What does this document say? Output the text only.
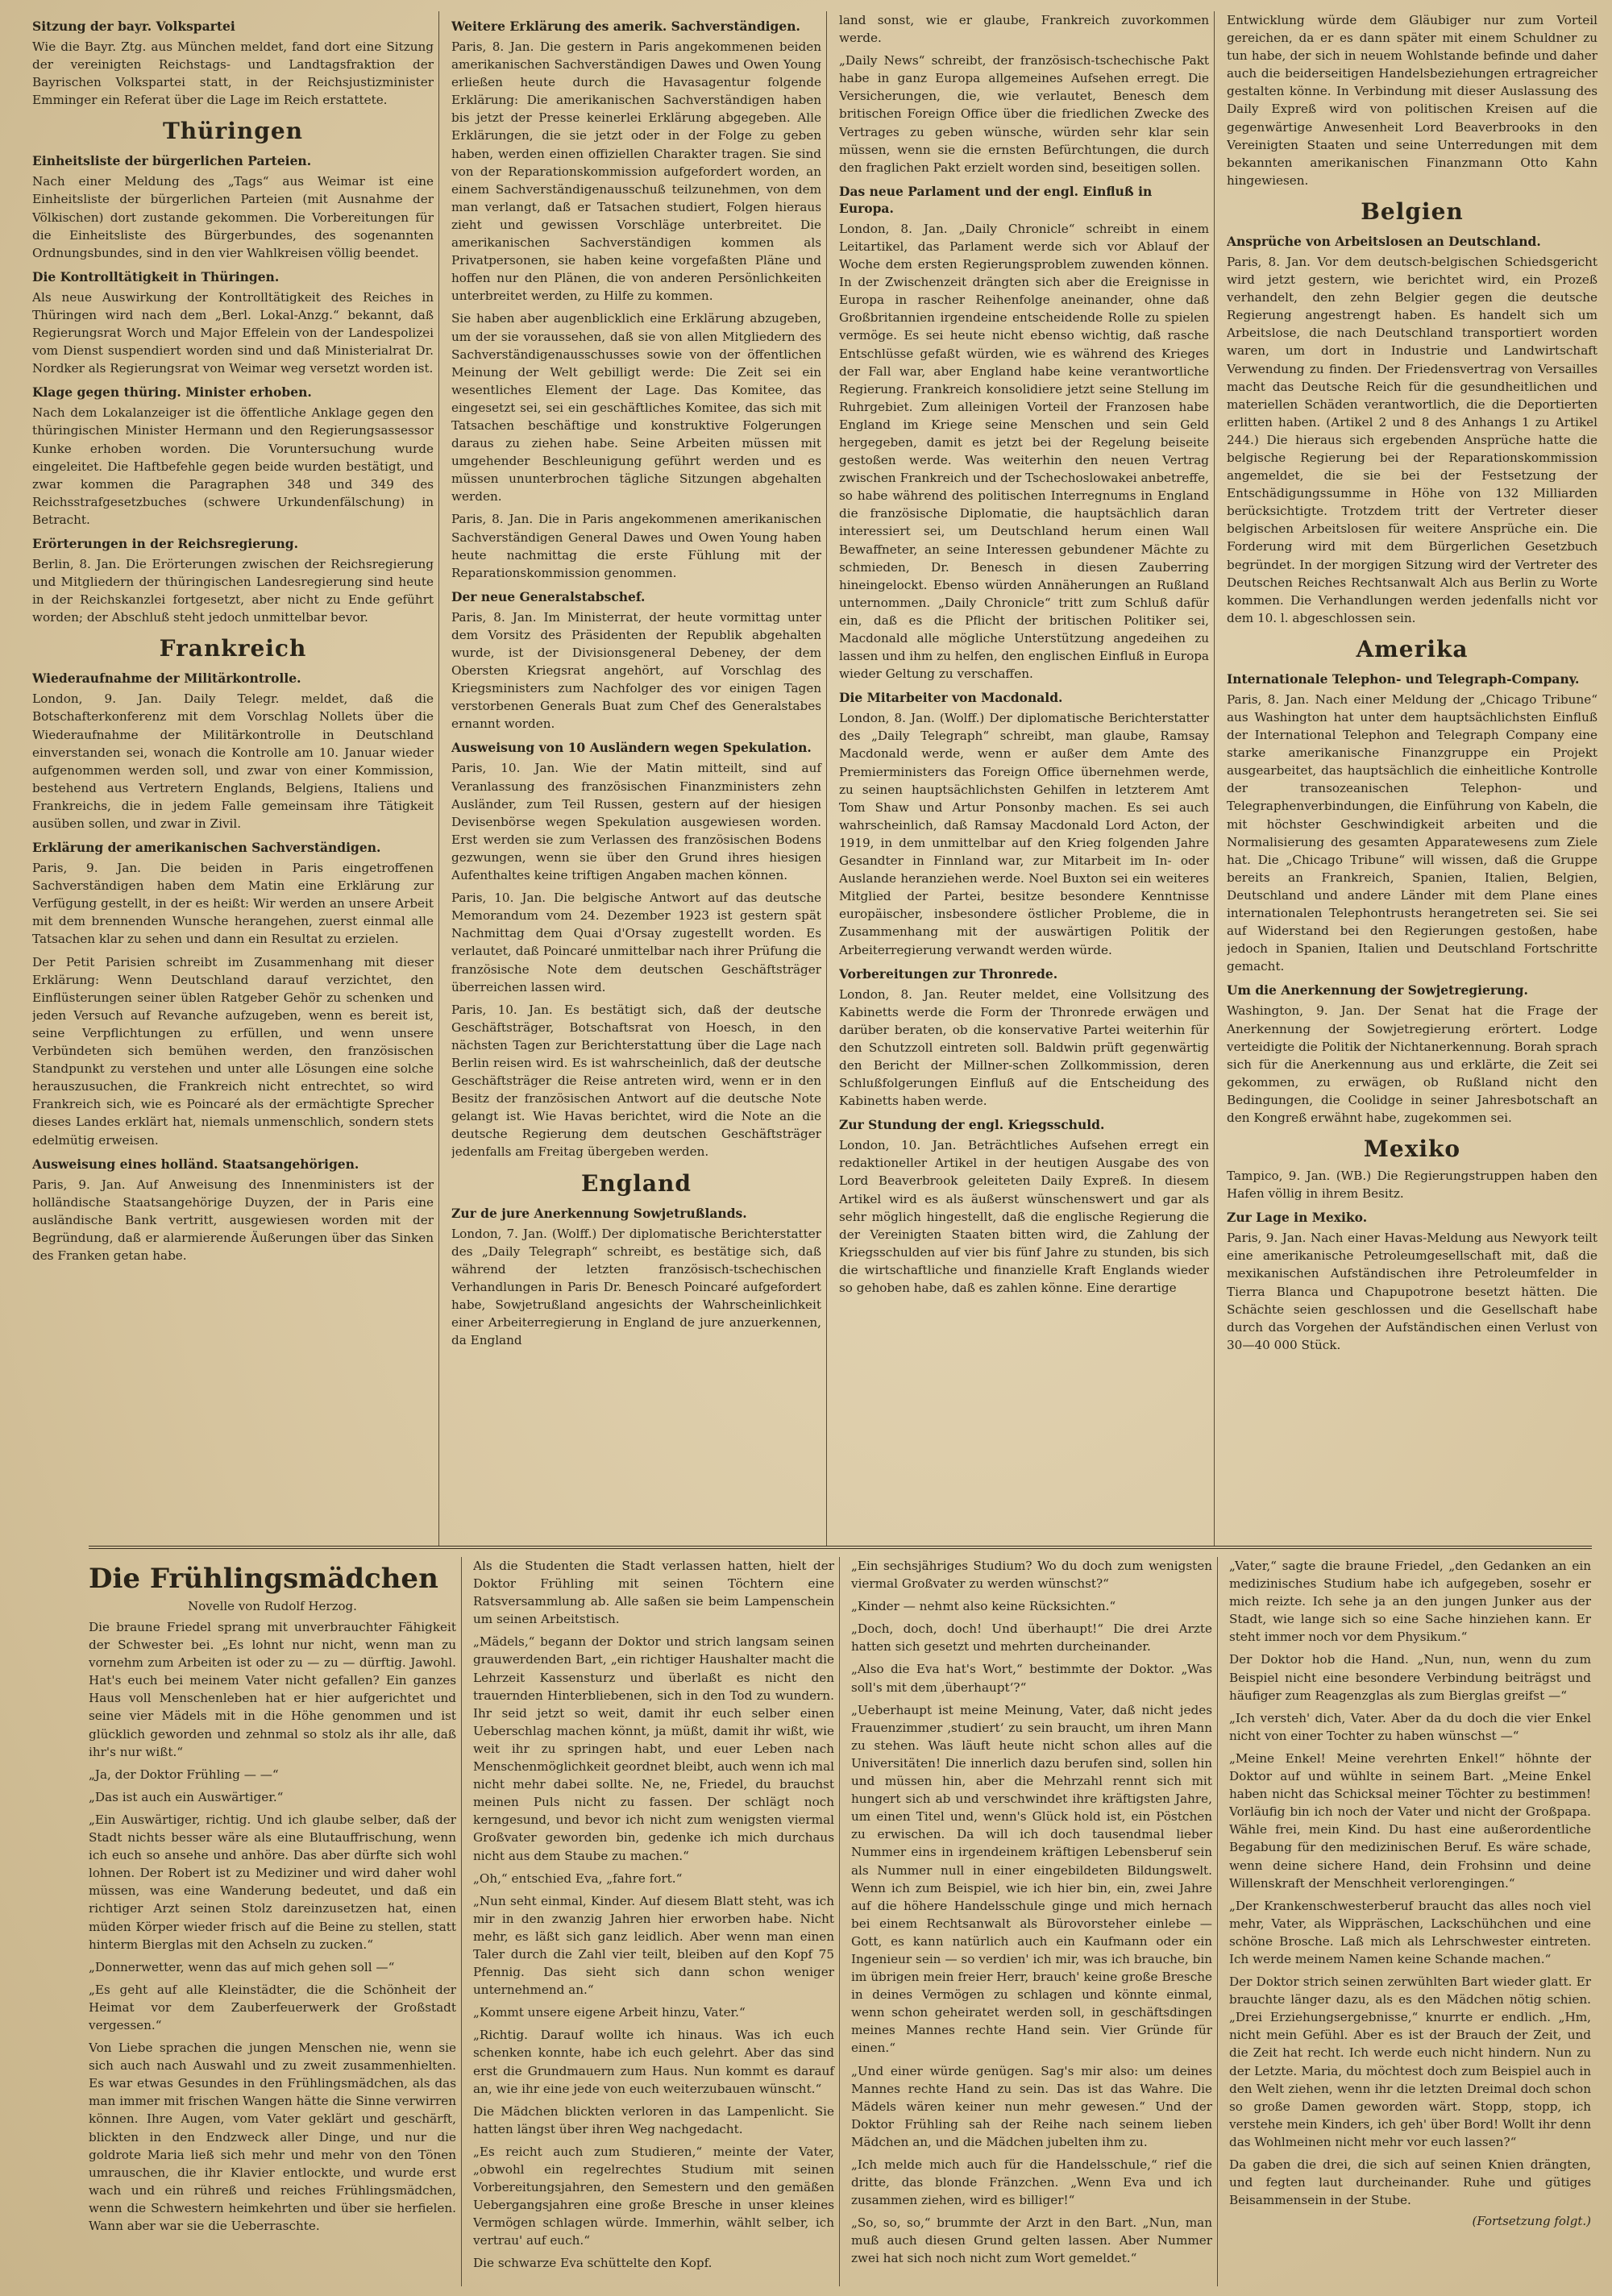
Sitzung der bayr. Volkspartei

Wie die Bayr. Ztg. aus München meldet, fand dort eine Sitzung der vereinigten Reichstags- und Landtagsfraktion der Bayrischen Volkspartei statt, in der Reichsjustizminister Emminger ein Referat über die Lage im Reich erstattete.

Thüringen
Einheitsliste der bürgerlichen Parteien.

Nach einer Meldung des „Tags“ aus Weimar ist eine Einheitsliste der bürgerlichen Parteien (mit Ausnahme der Völkischen) dort zustande gekommen. Die Vorbereitungen für die Einheitsliste des Bürgerbundes, des sogenannten Ordnungsbundes, sind in den vier Wahlkreisen völlig beendet.

Die Kontrolltätigkeit in Thüringen.

Als neue Auswirkung der Kontrolltätigkeit des Reiches in Thüringen wird nach dem „Berl. Lokal-Anzg.“ bekannt, daß Regierungsrat Worch und Major Effelein von der Landespolizei vom Dienst suspendiert worden sind und daß Ministerialrat Dr. Nordker als Regierungsrat von Weimar weg versetzt worden ist.

Klage gegen thüring. Minister erhoben.

Nach dem Lokalanzeiger ist die öffentliche Anklage gegen den thüringischen Minister Hermann und den Regierungsassessor Kunke erhoben worden. Die Voruntersuchung wurde eingeleitet. Die Haftbefehle gegen beide wurden bestätigt, und zwar kommen die Paragraphen 348 und 349 des Reichsstrafgesetzbuches (schwere Urkundenfälschung) in Betracht.

Erörterungen in der Reichsregierung.

Berlin, 8. Jan. Die Erörterungen zwischen der Reichsregierung und Mitgliedern der thüringischen Landesregierung sind heute in der Reichskanzlei fortgesetzt, aber nicht zu Ende geführt worden; der Abschluß steht jedoch unmittelbar bevor.

Frankreich
Wiederaufnahme der Militärkontrolle.

London, 9. Jan. Daily Telegr. meldet, daß die Botschafterkonferenz mit dem Vorschlag Nollets über die Wiederaufnahme der Militärkontrolle in Deutschland einverstanden sei, wonach die Kontrolle am 10. Januar wieder aufgenommen werden soll, und zwar von einer Kommission, bestehend aus Vertretern Englands, Belgiens, Italiens und Frankreichs, die in jedem Falle gemeinsam ihre Tätigkeit ausüben sollen, und zwar in Zivil.

Erklärung der amerikanischen Sachverständigen.

Paris, 9. Jan. Die beiden in Paris eingetroffenen Sachverständigen haben dem Matin eine Erklärung zur Verfügung gestellt, in der es heißt: Wir werden an unsere Arbeit mit dem brennenden Wunsche herangehen, zuerst einmal alle Tatsachen klar zu sehen und dann ein Resultat zu erzielen.

Der Petit Parisien schreibt im Zusammenhang mit dieser Erklärung: Wenn Deutschland darauf verzichtet, den Einflüsterungen seiner üblen Ratgeber Gehör zu schenken und jeden Versuch auf Revanche aufzugeben, wenn es bereit ist, seine Verpflichtungen zu erfüllen, und wenn unsere Verbündeten sich bemühen werden, den französischen Standpunkt zu verstehen und unter alle Lösungen eine solche herauszusuchen, die Frankreich nicht entrechtet, so wird Frankreich sich, wie es Poincaré als der ermächtigte Sprecher dieses Landes erklärt hat, niemals unmenschlich, sondern stets edelmütig erweisen.

Ausweisung eines holländ. Staatsangehörigen.

Paris, 9. Jan. Auf Anweisung des Innenministers ist der holländische Staatsangehörige Duyzen, der in Paris eine ausländische Bank vertritt, ausgewiesen worden mit der Begründung, daß er alarmierende Äußerungen über das Sinken des Franken getan habe.

Weitere Erklärung des amerik. Sachverständigen.

Paris, 8. Jan. Die gestern in Paris angekommenen beiden amerikanischen Sachverständigen Dawes und Owen Young erließen heute durch die Havasagentur folgende Erklärung: Die amerikanischen Sachverständigen haben bis jetzt der Presse keinerlei Erklärung abgegeben. Alle Erklärungen, die sie jetzt oder in der Folge zu geben haben, werden einen offiziellen Charakter tragen. Sie sind von der Reparationskommission aufgefordert worden, an einem Sachverständigenausschuß teilzunehmen, von dem man verlangt, daß er Tatsachen studiert, Folgen hieraus zieht und gewissen Vorschläge unterbreitet. Die amerikanischen Sachverständigen kommen als Privatpersonen, sie haben keine vorgefaßten Pläne und hoffen nur den Plänen, die von anderen Persönlichkeiten unterbreitet werden, zu Hilfe zu kommen.

Sie haben aber augenblicklich eine Erklärung abzugeben, um der sie voraussehen, daß sie von allen Mitgliedern des Sachverständigenausschusses sowie von der öffentlichen Meinung der Welt gebilligt werde: Die Zeit sei ein wesentliches Element der Lage. Das Komitee, das eingesetzt sei, sei ein geschäftliches Komitee, das sich mit Tatsachen beschäftige und konstruktive Folgerungen daraus zu ziehen habe. Seine Arbeiten müssen mit umgehender Beschleunigung geführt werden und es müssen ununterbrochen tägliche Sitzungen abgehalten werden.

Paris, 8. Jan. Die in Paris angekommenen amerikanischen Sachverständigen General Dawes und Owen Young haben heute nachmittag die erste Fühlung mit der Reparationskommission genommen.

Der neue Generalstabschef.

Paris, 8. Jan. Im Ministerrat, der heute vormittag unter dem Vorsitz des Präsidenten der Republik abgehalten wurde, ist der Divisionsgeneral Debeney, der dem Obersten Kriegsrat angehört, auf Vorschlag des Kriegsministers zum Nachfolger des vor einigen Tagen verstorbenen Generals Buat zum Chef des Generalstabes ernannt worden.

Ausweisung von 10 Ausländern wegen Spekulation.

Paris, 10. Jan. Wie der Matin mitteilt, sind auf Veranlassung des französischen Finanzministers zehn Ausländer, zum Teil Russen, gestern auf der hiesigen Devisenbörse wegen Spekulation ausgewiesen worden. Erst werden sie zum Verlassen des französischen Bodens gezwungen, wenn sie über den Grund ihres hiesigen Aufenthaltes keine triftigen Angaben machen können.

Paris, 10. Jan. Die belgische Antwort auf das deutsche Memorandum vom 24. Dezember 1923 ist gestern spät Nachmittag dem Quai d'Orsay zugestellt worden. Es verlautet, daß Poincaré unmittelbar nach ihrer Prüfung die französische Note dem deutschen Geschäftsträger überreichen lassen wird.

Paris, 10. Jan. Es bestätigt sich, daß der deutsche Geschäftsträger, Botschaftsrat von Hoesch, in den nächsten Tagen zur Berichterstattung über die Lage nach Berlin reisen wird. Es ist wahrscheinlich, daß der deutsche Geschäftsträger die Reise antreten wird, wenn er in den Besitz der französischen Antwort auf die deutsche Note gelangt ist. Wie Havas berichtet, wird die Note an die deutsche Regierung dem deutschen Geschäftsträger jedenfalls am Freitag übergeben werden.

England
Zur de jure Anerkennung Sowjetrußlands.

London, 7. Jan. (Wolff.) Der diplomatische Berichterstatter des „Daily Telegraph“ schreibt, es bestätige sich, daß während der letzten französisch-tschechischen Verhandlungen in Paris Dr. Benesch Poincaré aufgefordert habe, Sowjetrußland angesichts der Wahrscheinlichkeit einer Arbeiterregierung in England de jure anzuerkennen, da England

land sonst, wie er glaube, Frankreich zuvorkommen werde.

„Daily News“ schreibt, der französisch-tschechische Pakt habe in ganz Europa allgemeines Aufsehen erregt. Die Versicherungen, die, wie verlautet, Benesch dem britischen Foreign Office über die friedlichen Zwecke des Vertrages zu geben wünsche, würden sehr klar sein müssen, wenn sie die ernsten Befürchtungen, die durch den fraglichen Pakt erzielt worden sind, beseitigen sollen.

Das neue Parlament und der engl. Einfluß in Europa.

London, 8. Jan. „Daily Chronicle“ schreibt in einem Leitartikel, das Parlament werde sich vor Ablauf der Woche dem ersten Regierungsproblem zuwenden können. In der Zwischenzeit drängten sich aber die Ereignisse in Europa in rascher Reihenfolge aneinander, ohne daß Großbritannien irgendeine entscheidende Rolle zu spielen vermöge. Es sei heute nicht ebenso wichtig, daß rasche Entschlüsse gefaßt würden, wie es während des Krieges der Fall war, aber England habe keine verantwortliche Regierung. Frankreich konsolidiere jetzt seine Stellung im Ruhrgebiet. Zum alleinigen Vorteil der Franzosen habe England im Kriege seine Menschen und sein Geld hergegeben, damit es jetzt bei der Regelung beiseite gestoßen werde. Was weiterhin den neuen Vertrag zwischen Frankreich und der Tschechoslowakei anbetreffe, so habe während des politischen Interregnums in England die französische Diplomatie, die hauptsächlich daran interessiert sei, um Deutschland herum einen Wall Bewaffneter, an seine Interessen gebundener Mächte zu schmieden, Dr. Benesch in diesen Zauberring hineingelockt. Ebenso würden Annäherungen an Rußland unternommen. „Daily Chronicle“ tritt zum Schluß dafür ein, daß es die Pflicht der britischen Politiker sei, Macdonald alle mögliche Unterstützung angedeihen zu lassen und ihm zu helfen, den englischen Einfluß in Europa wieder Geltung zu verschaffen.

Die Mitarbeiter von Macdonald.

London, 8. Jan. (Wolff.) Der diplomatische Berichterstatter des „Daily Telegraph“ schreibt, man glaube, Ramsay Macdonald werde, wenn er außer dem Amte des Premierministers das Foreign Office übernehmen werde, zu seinen hauptsächlichsten Gehilfen in letzterem Amt Tom Shaw und Artur Ponsonby machen. Es sei auch wahrscheinlich, daß Ramsay Macdonald Lord Acton, der 1919, in dem unmittelbar auf den Krieg folgenden Jahre Gesandter in Finnland war, zur Mitarbeit im In- oder Auslande heranziehen werde. Noel Buxton sei ein weiteres Mitglied der Partei, besitze besondere Kenntnisse europäischer, insbesondere östlicher Probleme, die in Zusammenhang mit der auswärtigen Politik der Arbeiterregierung verwandt werden würde.

Vorbereitungen zur Thronrede.

London, 8. Jan. Reuter meldet, eine Vollsitzung des Kabinetts werde die Form der Thronrede erwägen und darüber beraten, ob die konservative Partei weiterhin für den Schutzzoll eintreten soll. Baldwin prüft gegenwärtig den Bericht der Millner-schen Zollkommission, deren Schlußfolgerungen Einfluß auf die Entscheidung des Kabinetts haben werde.

Zur Stundung der engl. Kriegsschuld.

London, 10. Jan. Beträchtliches Aufsehen erregt ein redaktioneller Artikel in der heutigen Ausgabe des von Lord Beaverbrook geleiteten Daily Expreß. In diesem Artikel wird es als äußerst wünschenswert und gar als sehr möglich hingestellt, daß die englische Regierung die der Vereinigten Staaten bitten wird, die Zahlung der Kriegsschulden auf vier bis fünf Jahre zu stunden, bis sich die wirtschaftliche und finanzielle Kraft Englands wieder so gehoben habe, daß es zahlen könne. Eine derartige

Entwicklung würde dem Gläubiger nur zum Vorteil gereichen, da er es dann später mit einem Schuldner zu tun habe, der sich in neuem Wohlstande befinde und daher auch die beiderseitigen Handelsbeziehungen ertragreicher gestalten könne. In Verbindung mit dieser Auslassung des Daily Expreß wird von politischen Kreisen auf die gegenwärtige Anwesenheit Lord Beaverbrooks in den Vereinigten Staaten und seine Unterredungen mit dem bekannten amerikanischen Finanzmann Otto Kahn hingewiesen.

Belgien
Ansprüche von Arbeitslosen an Deutschland.

Paris, 8. Jan. Vor dem deutsch-belgischen Schiedsgericht wird jetzt gestern, wie berichtet wird, ein Prozeß verhandelt, den zehn Belgier gegen die deutsche Regierung angestrengt haben. Es handelt sich um Arbeitslose, die nach Deutschland transportiert worden waren, um dort in Industrie und Landwirtschaft Verwendung zu finden. Der Friedensvertrag von Versailles macht das Deutsche Reich für die gesundheitlichen und materiellen Schäden verantwortlich, die die Deportierten erlitten haben. (Artikel 2 und 8 des Anhangs 1 zu Artikel 244.) Die hieraus sich ergebenden Ansprüche hatte die belgische Regierung bei der Reparationskommission angemeldet, die sie bei der Festsetzung der Entschädigungssumme in Höhe von 132 Milliarden berücksichtigte. Trotzdem tritt der Vertreter dieser belgischen Arbeitslosen für weitere Ansprüche ein. Die Forderung wird mit dem Bürgerlichen Gesetzbuch begründet. In der morgigen Sitzung wird der Vertreter des Deutschen Reiches Rechtsanwalt Alch aus Berlin zu Worte kommen. Die Verhandlungen werden jedenfalls nicht vor dem 10. l. abgeschlossen sein.

Amerika
Internationale Telephon- und Telegraph-Company.

Paris, 8. Jan. Nach einer Meldung der „Chicago Tribune“ aus Washington hat unter dem hauptsächlichsten Einfluß der International Telephon and Telegraph Company eine starke amerikanische Finanzgruppe ein Projekt ausgearbeitet, das hauptsächlich die einheitliche Kontrolle der transozeanischen Telephon- und Telegraphenverbindungen, die Einführung von Kabeln, die mit höchster Geschwindigkeit arbeiten und die Normalisierung des gesamten Apparatewesens zum Ziele hat. Die „Chicago Tribune“ will wissen, daß die Gruppe bereits an Frankreich, Spanien, Italien, Belgien, Deutschland und andere Länder mit dem Plane eines internationalen Telephontrusts herangetreten sei. Sie sei auf Widerstand bei den Regierungen gestoßen, habe jedoch in Spanien, Italien und Deutschland Fortschritte gemacht.

Um die Anerkennung der Sowjetregierung.

Washington, 9. Jan. Der Senat hat die Frage der Anerkennung der Sowjetregierung erörtert. Lodge verteidigte die Politik der Nichtanerkennung. Borah sprach sich für die Anerkennung aus und erklärte, die Zeit sei gekommen, zu erwägen, ob Rußland nicht den Bedingungen, die Coolidge in seiner Jahresbotschaft an den Kongreß erwähnt habe, zugekommen sei.

Mexiko

Tampico, 9. Jan. (WB.) Die Regierungstruppen haben den Hafen völlig in ihrem Besitz.

Zur Lage in Mexiko.

Paris, 9. Jan. Nach einer Havas-Meldung aus Newyork teilt eine amerikanische Petroleumgesellschaft mit, daß die mexikanischen Aufständischen ihre Petroleumfelder in Tierra Blanca und Chapupotrone besetzt hätten. Die Schächte seien geschlossen und die Gesellschaft habe durch das Vorgehen der Aufständischen einen Verlust von 30—40 000 Stück.

Die Frühlingsmädchen
Novelle von Rudolf Herzog.

Die braune Friedel sprang mit unverbrauchter Fähigkeit der Schwester bei. „Es lohnt nur nicht, wenn man zu vornehm zum Arbeiten ist oder zu — zu — dürftig. Jawohl. Hat's euch bei meinem Vater nicht gefallen? Ein ganzes Haus voll Menschenleben hat er hier aufgerichtet und seine vier Mädels mit in die Höhe genommen und ist glücklich geworden und zehnmal so stolz als ihr alle, daß ihr's nur wißt.“

„Ja, der Doktor Frühling — —“

„Das ist auch ein Auswärtiger.“

„Ein Auswärtiger, richtig. Und ich glaube selber, daß der Stadt nichts besser wäre als eine Blutauffrischung, wenn ich euch so ansehe und anhöre. Das aber dürfte sich wohl lohnen. Der Robert ist zu Mediziner und wird daher wohl müssen, was eine Wanderung bedeutet, und daß ein richtiger Arzt seinen Stolz dareinzusetzen hat, einen müden Körper wieder frisch auf die Beine zu stellen, statt hinterm Bierglas mit den Achseln zu zucken.“

„Donnerwetter, wenn das auf mich gehen soll —“

„Es geht auf alle Kleinstädter, die die Schönheit der Heimat vor dem Zauberfeuerwerk der Großstadt vergessen.“

Von Liebe sprachen die jungen Menschen nie, wenn sie sich auch nach Auswahl und zu zweit zusammenhielten. Es war etwas Gesundes in den Frühlingsmädchen, als das man immer mit frischen Wangen hätte die Sinne verwirren können. Ihre Augen, vom Vater geklärt und geschärft, blickten in den Endzweck aller Dinge, und nur die goldrote Maria ließ sich mehr und mehr von den Tönen umrauschen, die ihr Klavier entlockte, und wurde erst wach und ein rühreß und reiches Frühlingsmädchen, wenn die Schwestern heimkehrten und über sie herfielen. Wann aber war sie die Ueberraschte.

Als die Studenten die Stadt verlassen hatten, hielt der Doktor Frühling mit seinen Töchtern eine Ratsversammlung ab. Alle saßen sie beim Lampenschein um seinen Arbeitstisch.

„Mädels,“ begann der Doktor und strich langsam seinen grauwerdenden Bart, „ein richtiger Haushalter macht die Lehrzeit Kassensturz und überlaßt es nicht den trauernden Hinterbliebenen, sich in den Tod zu wundern. Ihr seid jetzt so weit, damit ihr euch selber einen Ueberschlag machen könnt, ja müßt, damit ihr wißt, wie weit ihr zu springen habt, und euer Leben nach Menschenmöglichkeit geordnet bleibt, auch wenn ich mal nicht mehr dabei sollte. Ne, ne, Friedel, du brauchst meinen Puls nicht zu fassen. Der schlägt noch kerngesund, und bevor ich nicht zum wenigsten viermal Großvater geworden bin, gedenke ich mich durchaus nicht aus dem Staube zu machen.“

„Oh,“ entschied Eva, „fahre fort.“

„Nun seht einmal, Kinder. Auf diesem Blatt steht, was ich mir in den zwanzig Jahren hier erworben habe. Nicht mehr, es läßt sich ganz leidlich. Aber wenn man einen Taler durch die Zahl vier teilt, bleiben auf den Kopf 75 Pfennig. Das sieht sich dann schon weniger unternehmend an.“

„Kommt unsere eigene Arbeit hinzu, Vater.“

„Richtig. Darauf wollte ich hinaus. Was ich euch schenken konnte, habe ich euch gelehrt. Aber das sind erst die Grundmauern zum Haus. Nun kommt es darauf an, wie ihr eine jede von euch weiterzubauen wünscht.“

Die Mädchen blickten verloren in das Lampenlicht. Sie hatten längst über ihren Weg nachgedacht.

„Es reicht auch zum Studieren,“ meinte der Vater, „obwohl ein regelrechtes Studium mit seinen Vorbereitungsjahren, den Semestern und den gemäßen Uebergangsjahren eine große Bresche in unser kleines Vermögen schlagen würde. Immerhin, wählt selber, ich vertrau' auf euch.“

Die schwarze Eva schüttelte den Kopf.

„Ein sechsjähriges Studium? Wo du doch zum wenigsten viermal Großvater zu werden wünschst?“

„Kinder — nehmt also keine Rücksichten.“

„Doch, doch, doch! Und überhaupt!“ Die drei Arzte hatten sich gesetzt und mehrten durcheinander.

„Also die Eva hat's Wort,“ bestimmte der Doktor. „Was soll's mit dem ‚überhaupt‘?“

„Ueberhaupt ist meine Meinung, Vater, daß nicht jedes Frauenzimmer ‚studiert‘ zu sein braucht, um ihren Mann zu stehen. Was läuft heute nicht schon alles auf die Universitäten! Die innerlich dazu berufen sind, sollen hin und müssen hin, aber die Mehrzahl rennt sich mit hungert sich ab und verschwindet ihre kräftigsten Jahre, um einen Titel und, wenn's Glück hold ist, ein Pöstchen zu erwischen. Da will ich doch tausendmal lieber Nummer eins in irgendeinem kräftigen Lebensberuf sein als Nummer null in einer eingebildeten Bildungswelt. Wenn ich zum Beispiel, wie ich hier bin, ein, zwei Jahre auf die höhere Handelsschule ginge und mich hernach bei einem Rechtsanwalt als Bürovorsteher einlebe — Gott, es kann natürlich auch ein Kaufmann oder ein Ingenieur sein — so verdien' ich mir, was ich brauche, bin im übrigen mein freier Herr, brauch' keine große Bresche in deines Vermögen zu schlagen und könnte einmal, wenn schon geheiratet werden soll, in geschäftsdingen meines Mannes rechte Hand sein. Vier Gründe für einen.“

„Und einer würde genügen. Sag's mir also: um deines Mannes rechte Hand zu sein. Das ist das Wahre. Die Mädels wären keiner nun mehr gewesen.“ Und der Doktor Frühling sah der Reihe nach seinem lieben Mädchen an, und die Mädchen jubelten ihm zu.

„Ich melde mich auch für die Handelsschule,“ rief die dritte, das blonde Fränzchen. „Wenn Eva und ich zusammen ziehen, wird es billiger!“

„So, so, so,“ brummte der Arzt in den Bart. „Nun, man muß auch diesen Grund gelten lassen. Aber Nummer zwei hat sich noch nicht zum Wort gemeldet.“

„Vater,“ sagte die braune Friedel, „den Gedanken an ein medizinisches Studium habe ich aufgegeben, sosehr er mich reizte. Ich sehe ja an den jungen Junker aus der Stadt, wie lange sich so eine Sache hinziehen kann. Er steht immer noch vor dem Physikum.“

Der Doktor hob die Hand. „Nun, nun, wenn du zum Beispiel nicht eine besondere Verbindung beiträgst und häufiger zum Reagenzglas als zum Bierglas greifst —“

„Ich versteh' dich, Vater. Aber da du doch die vier Enkel nicht von einer Tochter zu haben wünschst —“

„Meine Enkel! Meine verehrten Enkel!“ höhnte der Doktor auf und wühlte in seinem Bart. „Meine Enkel haben nicht das Schicksal meiner Töchter zu bestimmen! Vorläufig bin ich noch der Vater und nicht der Großpapa. Wähle frei, mein Kind. Du hast eine außerordentliche Begabung für den medizinischen Beruf. Es wäre schade, wenn deine sichere Hand, dein Frohsinn und deine Willenskraft der Menschheit verlorengingen.“

„Der Krankenschwesterberuf braucht das alles noch viel mehr, Vater, als Wippräschen, Lackschühchen und eine schöne Brosche. Laß mich als Lehrschwester eintreten. Ich werde meinem Namen keine Schande machen.“

Der Doktor strich seinen zerwühlten Bart wieder glatt. Er brauchte länger dazu, als es den Mädchen nötig schien. „Drei Erziehungsergebnisse,“ knurrte er endlich. „Hm, nicht mein Gefühl. Aber es ist der Brauch der Zeit, und die Zeit hat recht. Ich werde euch nicht hindern. Nun zu der Letzte. Maria, du möchtest doch zum Beispiel auch in den Welt ziehen, wenn ihr die letzten Dreimal doch schon so große Damen geworden wärt. Stopp, stopp, ich verstehe mein Kinders, ich geh' über Bord! Wollt ihr denn das Wohlmeinen nicht mehr vor euch lassen?“

Da gaben die drei, die sich auf seinen Knien drängten, und fegten laut durcheinander. Ruhe und gütiges Beisammensein in der Stube.

(Fortsetzung folgt.)
